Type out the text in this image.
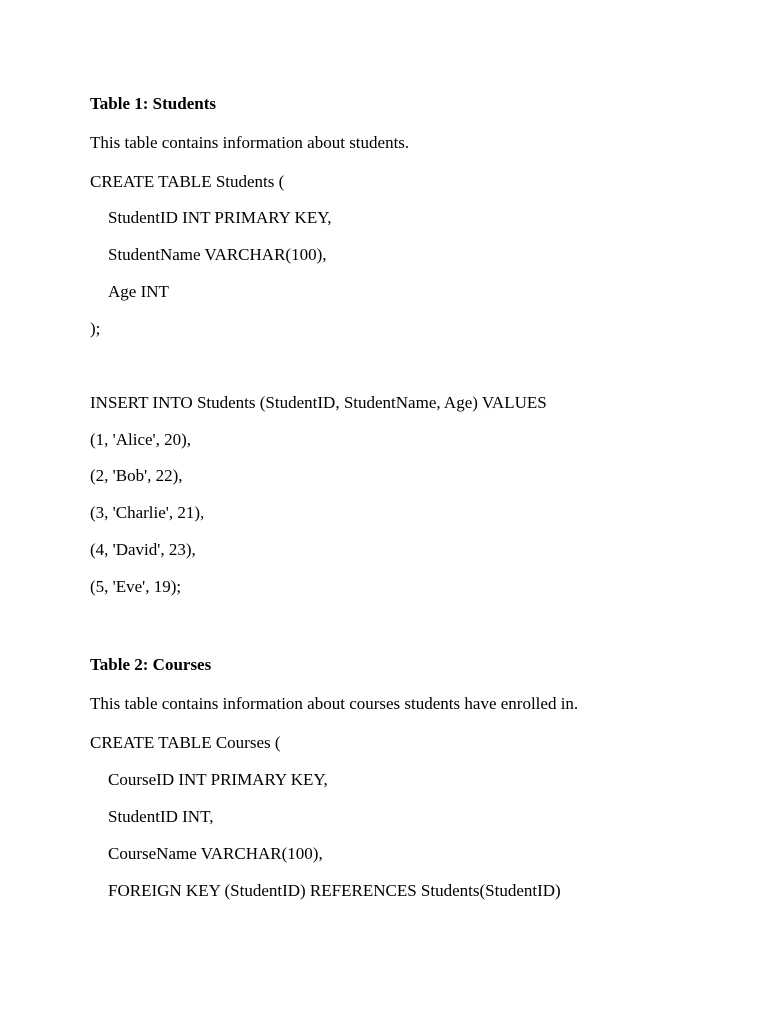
Table 1: Students
This table contains information about students.
CREATE TABLE Students (
StudentID INT PRIMARY KEY,
StudentName VARCHAR(100),
Age INT
);
INSERT INTO Students (StudentID, StudentName, Age) VALUES
(1, 'Alice', 20),
(2, 'Bob', 22),
(3, 'Charlie', 21),
(4, 'David', 23),
(5, 'Eve', 19);
Table 2: Courses
This table contains information about courses students have enrolled in.
CREATE TABLE Courses (
CourseID INT PRIMARY KEY,
StudentID INT,
CourseName VARCHAR(100),
FOREIGN KEY (StudentID) REFERENCES Students(StudentID)
